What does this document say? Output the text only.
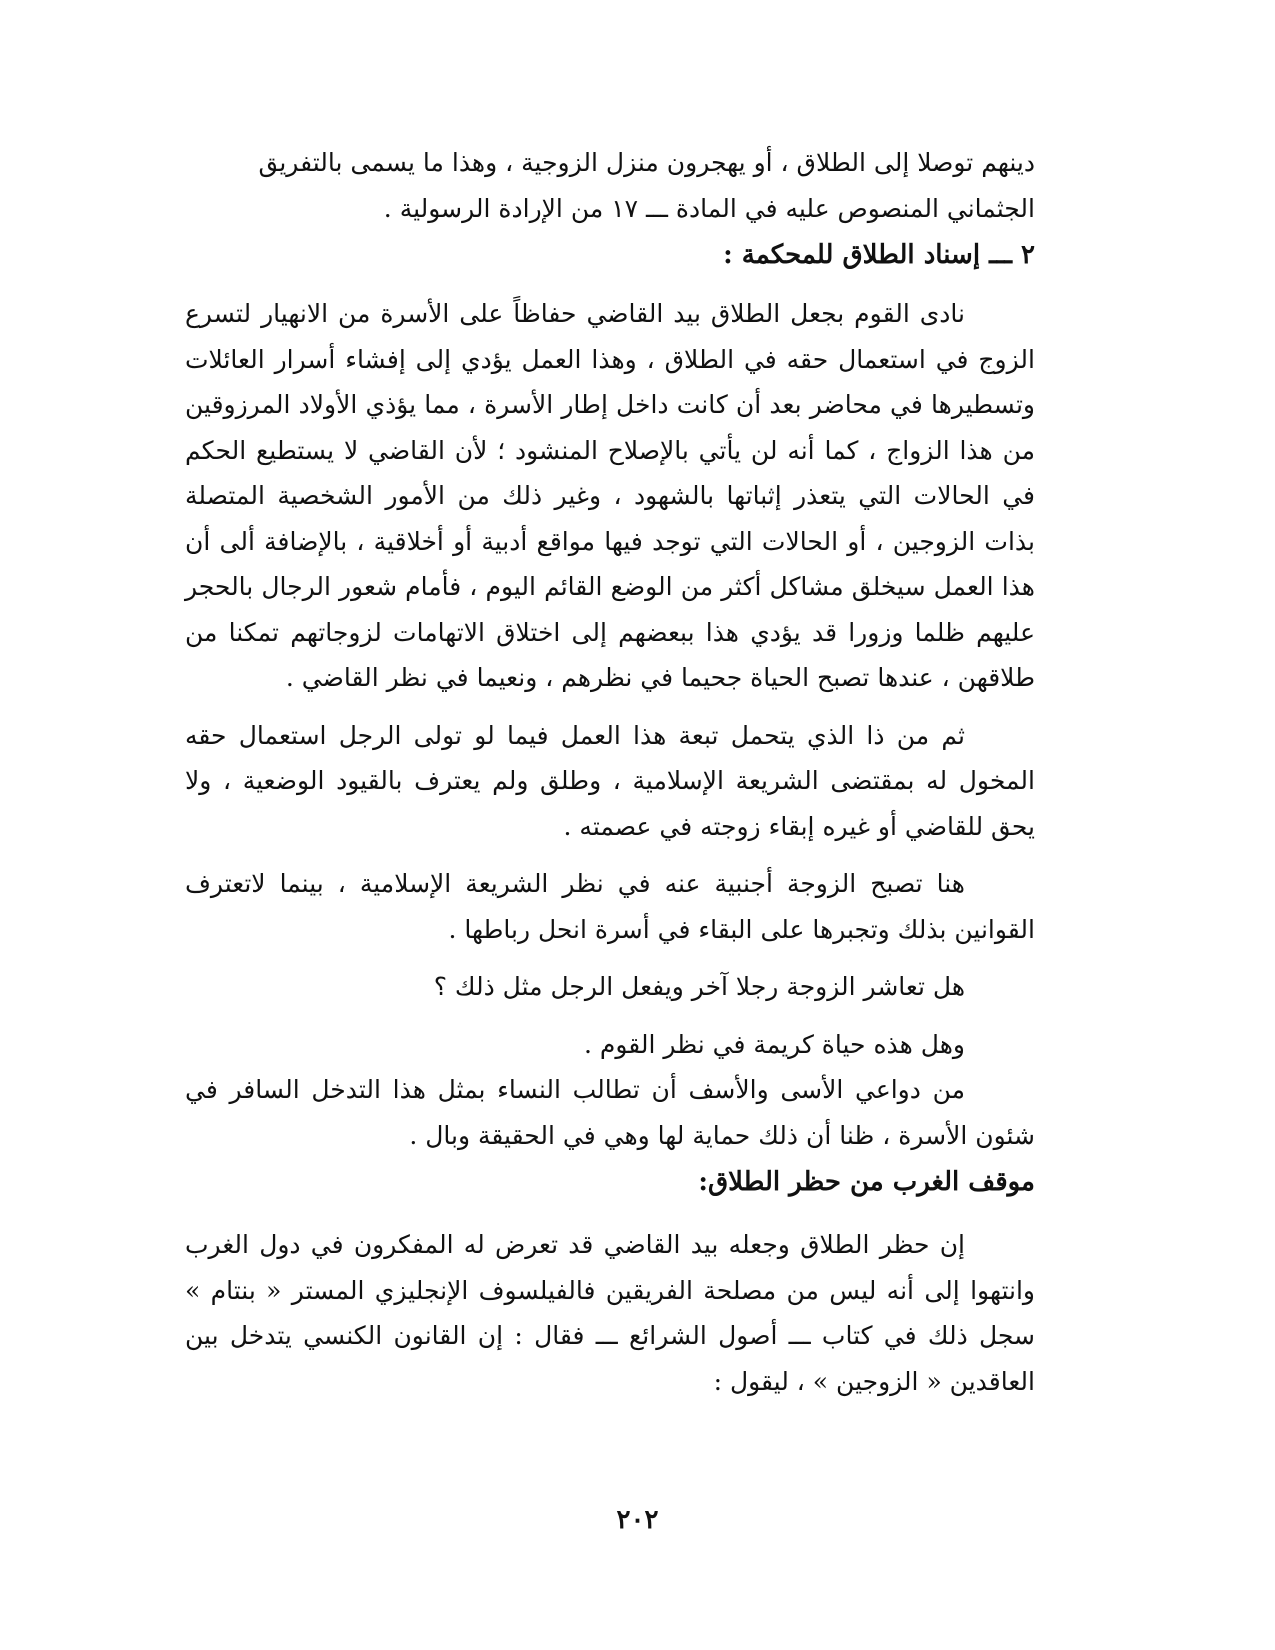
دينهم توصلا إلى الطلاق ، أو يهجرون منزل الزوجية ، وهذا ما يسمى بالتفريق الجثماني المنصوص عليه في المادة ـــ ١٧ من الإرادة الرسولية .

٢ ـــ إسناد الطلاق للمحكمة :

نادى القوم بجعل الطلاق بيد القاضي حفاظاً على الأسرة من الانهيار لتسرع الزوج في استعمال حقه في الطلاق ، وهذا العمل يؤدي إلى إفشاء أسرار العائلات وتسطيرها في محاضر بعد أن كانت داخل إطار الأسرة ، مما يؤذي الأولاد المرزوقين من هذا الزواج ، كما أنه لن يأتي بالإصلاح المنشود ؛ لأن القاضي لا يستطيع الحكم في الحالات التي يتعذر إثباتها بالشهود ، وغير ذلك من الأمور الشخصية المتصلة بذات الزوجين ، أو الحالات التي توجد فيها مواقع أدبية أو أخلاقية ، بالإضافة ألى أن هذا العمل سيخلق مشاكل أكثر من الوضع القائم اليوم ، فأمام شعور الرجال بالحجر عليهم ظلما وزورا قد يؤدي هذا ببعضهم إلى اختلاق الاتهامات لزوجاتهم تمكنا من طلاقهن ، عندها تصبح الحياة جحيما في نظرهم ، ونعيما في نظر القاضي .

ثم من ذا الذي يتحمل تبعة هذا العمل فيما لو تولى الرجل استعمال حقه المخول له بمقتضى الشريعة الإسلامية ، وطلق ولم يعترف بالقيود الوضعية ، ولا يحق للقاضي أو غيره إبقاء زوجته في عصمته .

هنا تصبح الزوجة أجنبية عنه في نظر الشريعة الإسلامية ، بينما لاتعترف القوانين بذلك وتجبرها على البقاء في أسرة انحل رباطها .

هل تعاشر الزوجة رجلا آخر ويفعل الرجل مثل ذلك ؟

وهل هذه حياة كريمة في نظر القوم .

من دواعي الأسى والأسف أن تطالب النساء بمثل هذا التدخل السافر في شئون الأسرة ، ظنا أن ذلك حماية لها وهي في الحقيقة وبال .

موقف الغرب من حظر الطلاق:

إن حظر الطلاق وجعله بيد القاضي قد تعرض له المفكرون في دول الغرب وانتهوا إلى أنه ليس من مصلحة الفريقين فالفيلسوف الإنجليزي المستر « بنتام » سجل ذلك في كتاب ـــ أصول الشرائع ـــ فقال : إن القانون الكنسي يتدخل بين العاقدين « الزوجين » ، ليقول :

٢٠٢
